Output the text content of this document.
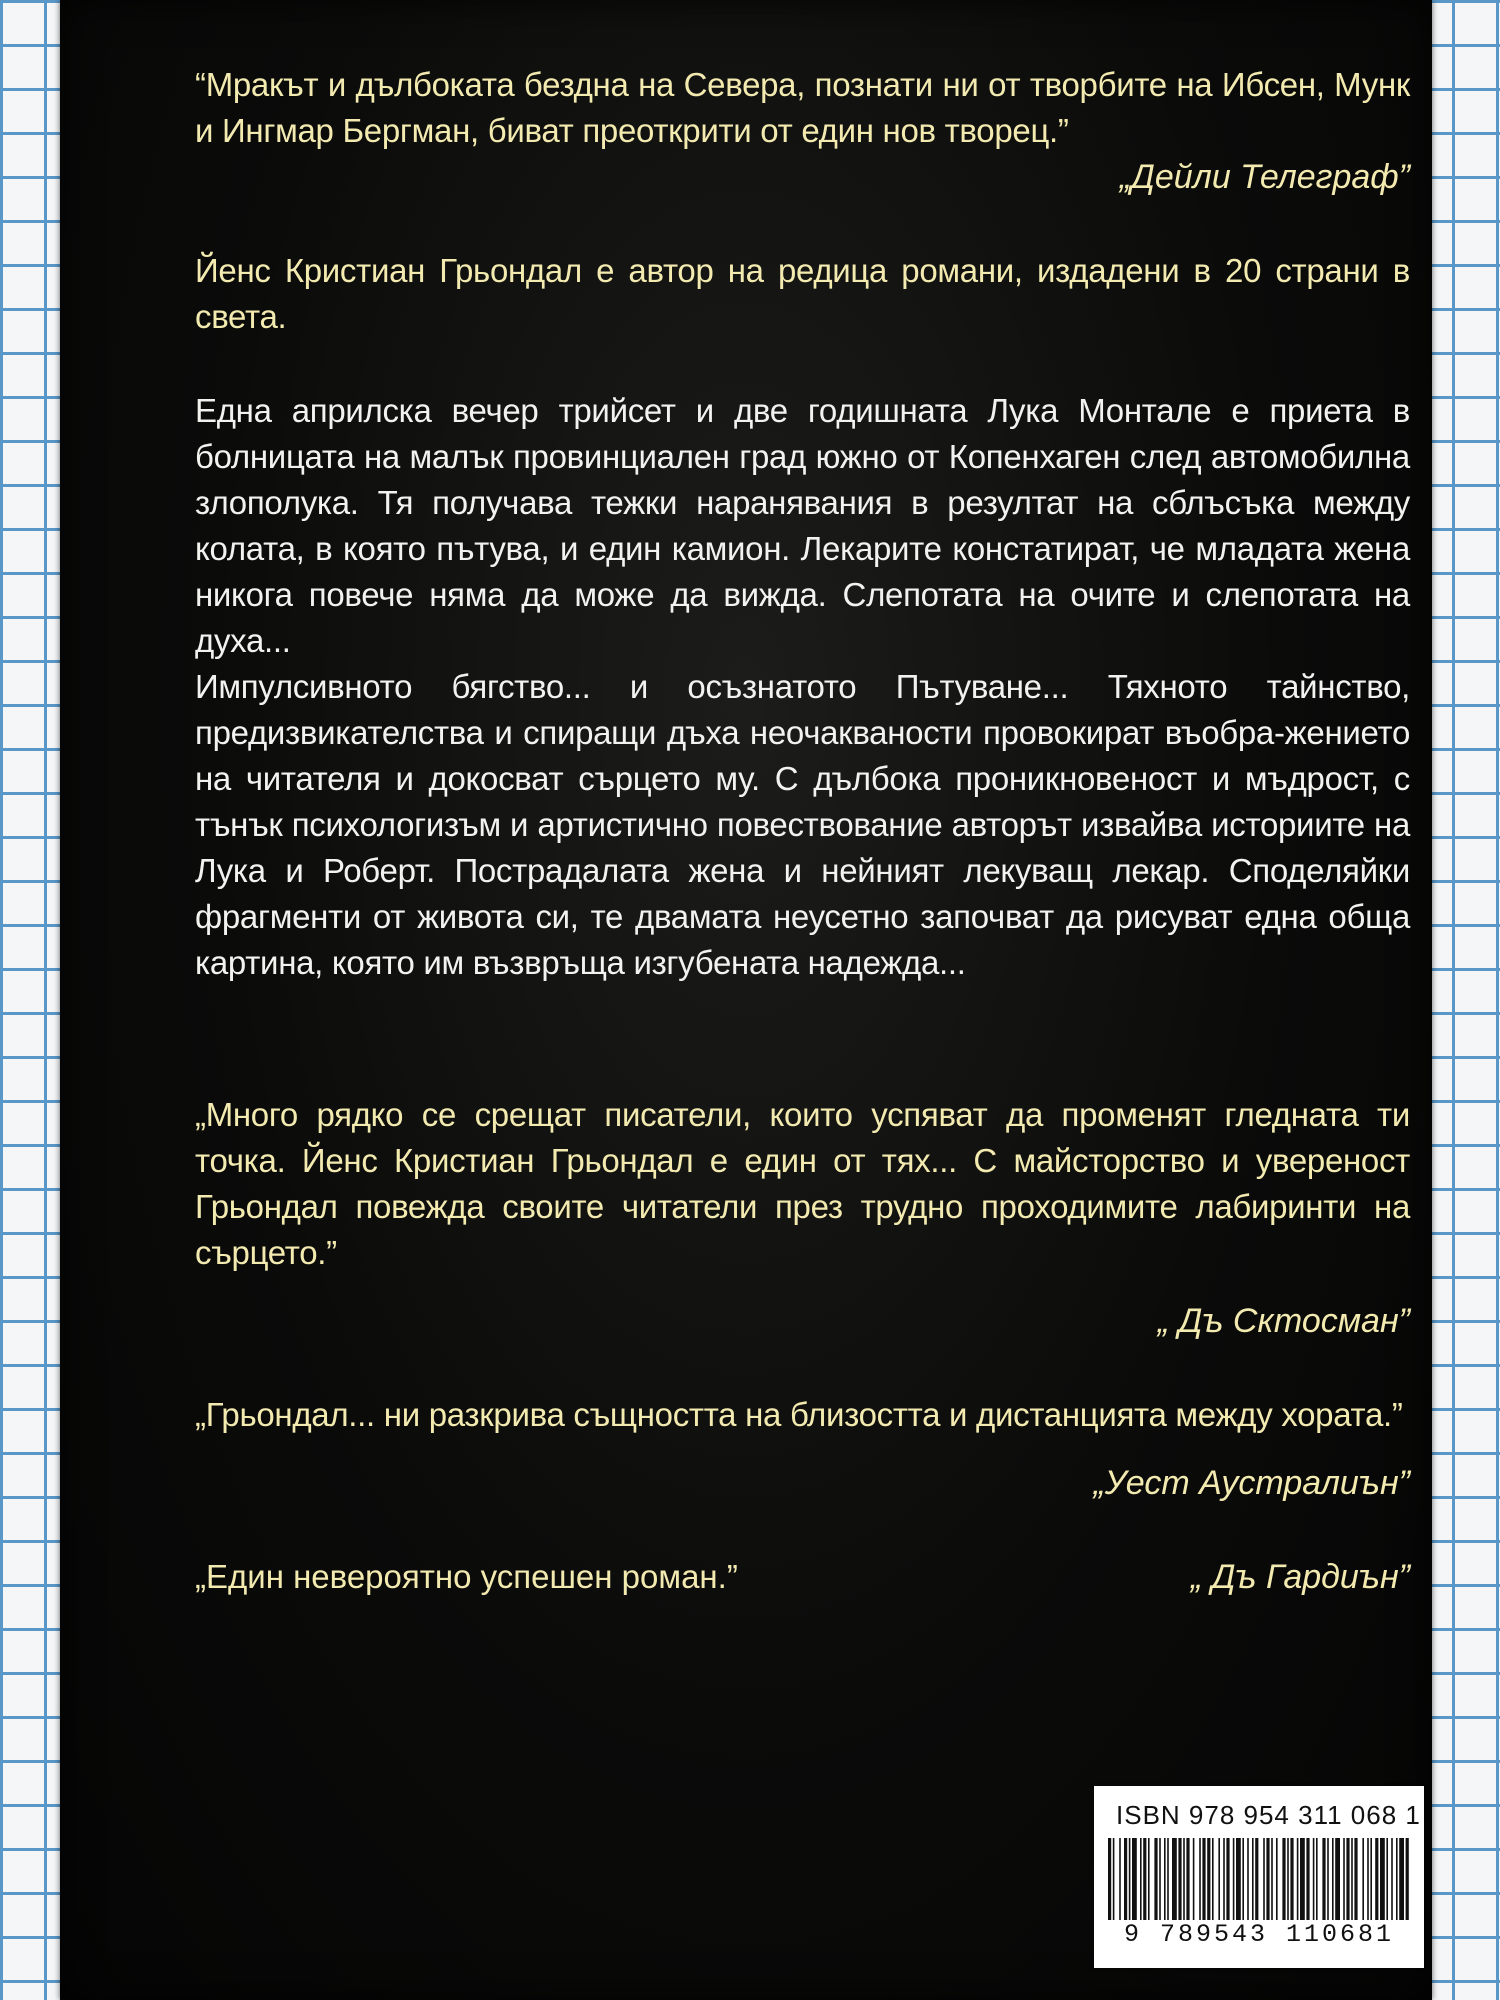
“Мракът и дълбоката бездна на Севера, познати ни от творбите на Ибсен, Мунк и Ингмар Бергман, биват преоткрити от един нов творец.”

„Дейли Телеграф”

Йенс Кристиан Грьондал е автор на редица романи, издадени в 20 страни в света.

Една априлска вечер трийсет и две годишната Лука Монтале е приета в болницата на малък провинциален град южно от Копенхаген след автомобилна злополука. Тя получава тежки наранявания в резултат на сблъсъка между колата, в която пътува, и един камион. Лекарите констатират, че младата жена никога повече няма да може да вижда. Слепотата на очите и слепотата на духа...

Импулсивното бягство... и осъзнатото Пътуване... Тяхното тайнство, предизвикателства и спиращи дъха неочакваности провокират въобра-жението на читателя и докосват сърцето му. С дълбока проникновеност и мъдрост, с тънък психологизъм и артистично повествование авторът извайва историите на Лука и Роберт. Пострадалата жена и нейният лекуващ лекар. Споделяйки фрагменти от живота си, те двамата неусетно започват да рисуват една обща картина, която им възвръща изгубената надежда...

„Много рядко се срещат писатели, които успяват да променят гледната ти точка. Йенс Кристиан Грьондал е един от тях... С майсторство и увереност Грьондал повежда своите читатели през трудно проходимите лабиринти на сърцето.”

„ Дъ Сктосман”

„Грьондал... ни разкрива същността на близостта и дистанцията между хората.”

„Уест Аустралиън”
„Един невероятно успешен роман.”	„ Дъ Гардиън”
ISBN 978 954 311 068 1
9 789543 110681
